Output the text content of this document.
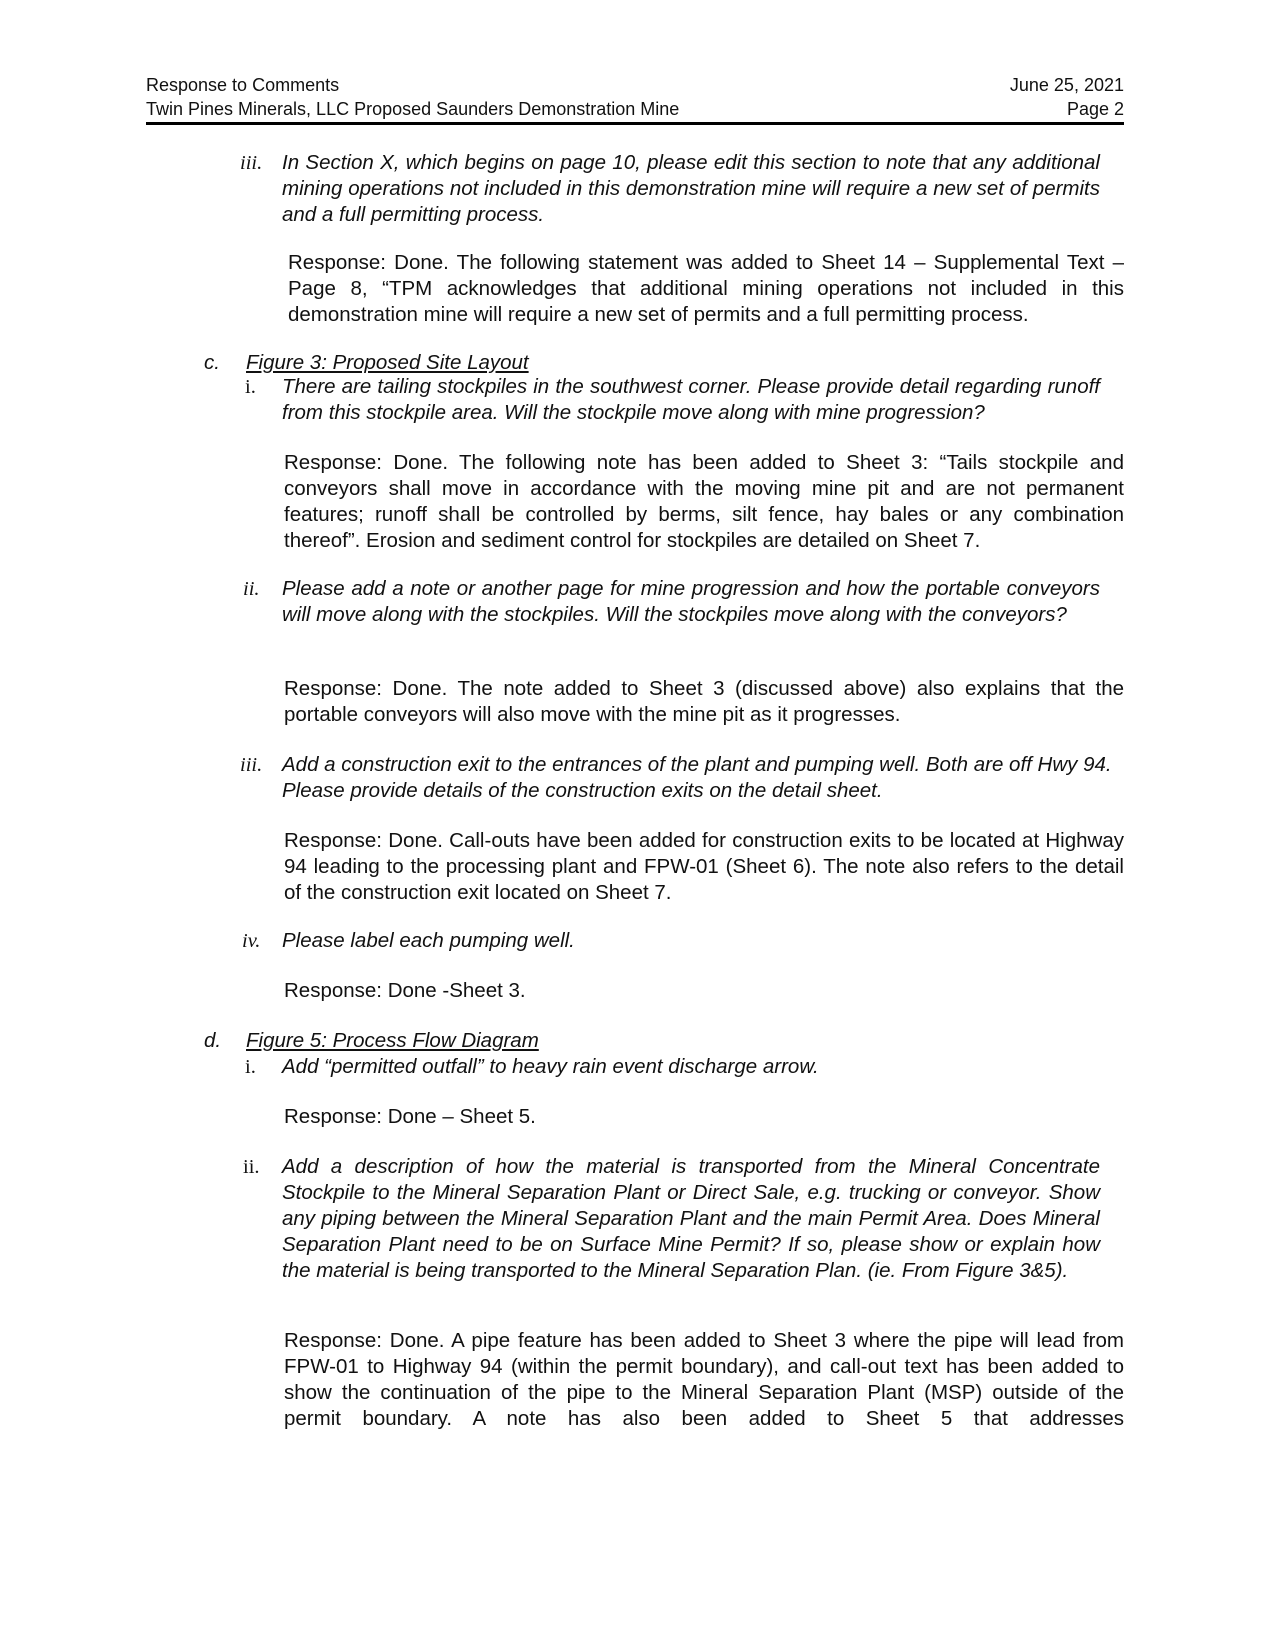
Response to Comments	June 25, 2021
Twin Pines Minerals, LLC Proposed Saunders Demonstration Mine	Page 2
iii. In Section X, which begins on page 10, please edit this section to note that any additional mining operations not included in this demonstration mine will require a new set of permits and a full permitting process.
Response: Done. The following statement was added to Sheet 14 – Supplemental Text – Page 8, “TPM acknowledges that additional mining operations not included in this demonstration mine will require a new set of permits and a full permitting process.
c. Figure 3: Proposed Site Layout
i. There are tailing stockpiles in the southwest corner. Please provide detail regarding runoff from this stockpile area. Will the stockpile move along with mine progression?
Response: Done. The following note has been added to Sheet 3: “Tails stockpile and conveyors shall move in accordance with the moving mine pit and are not permanent features; runoff shall be controlled by berms, silt fence, hay bales or any combination thereof”. Erosion and sediment control for stockpiles are detailed on Sheet 7.
ii. Please add a note or another page for mine progression and how the portable conveyors will move along with the stockpiles. Will the stockpiles move along with the conveyors?
Response: Done. The note added to Sheet 3 (discussed above) also explains that the portable conveyors will also move with the mine pit as it progresses.
iii. Add a construction exit to the entrances of the plant and pumping well. Both are off Hwy 94. Please provide details of the construction exits on the detail sheet.
Response: Done. Call-outs have been added for construction exits to be located at Highway 94 leading to the processing plant and FPW-01 (Sheet 6). The note also refers to the detail of the construction exit located on Sheet 7.
iv. Please label each pumping well.
Response: Done -Sheet 3.
d. Figure 5: Process Flow Diagram
i. Add “permitted outfall” to heavy rain event discharge arrow.
Response: Done – Sheet 5.
ii. Add a description of how the material is transported from the Mineral Concentrate Stockpile to the Mineral Separation Plant or Direct Sale, e.g. trucking or conveyor. Show any piping between the Mineral Separation Plant and the main Permit Area. Does Mineral Separation Plant need to be on Surface Mine Permit? If so, please show or explain how the material is being transported to the Mineral Separation Plan. (ie. From Figure 3&5).
Response: Done. A pipe feature has been added to Sheet 3 where the pipe will lead from FPW-01 to Highway 94 (within the permit boundary), and call-out text has been added to show the continuation of the pipe to the Mineral Separation Plant (MSP) outside of the permit boundary. A note has also been added to Sheet 5 that addresses
